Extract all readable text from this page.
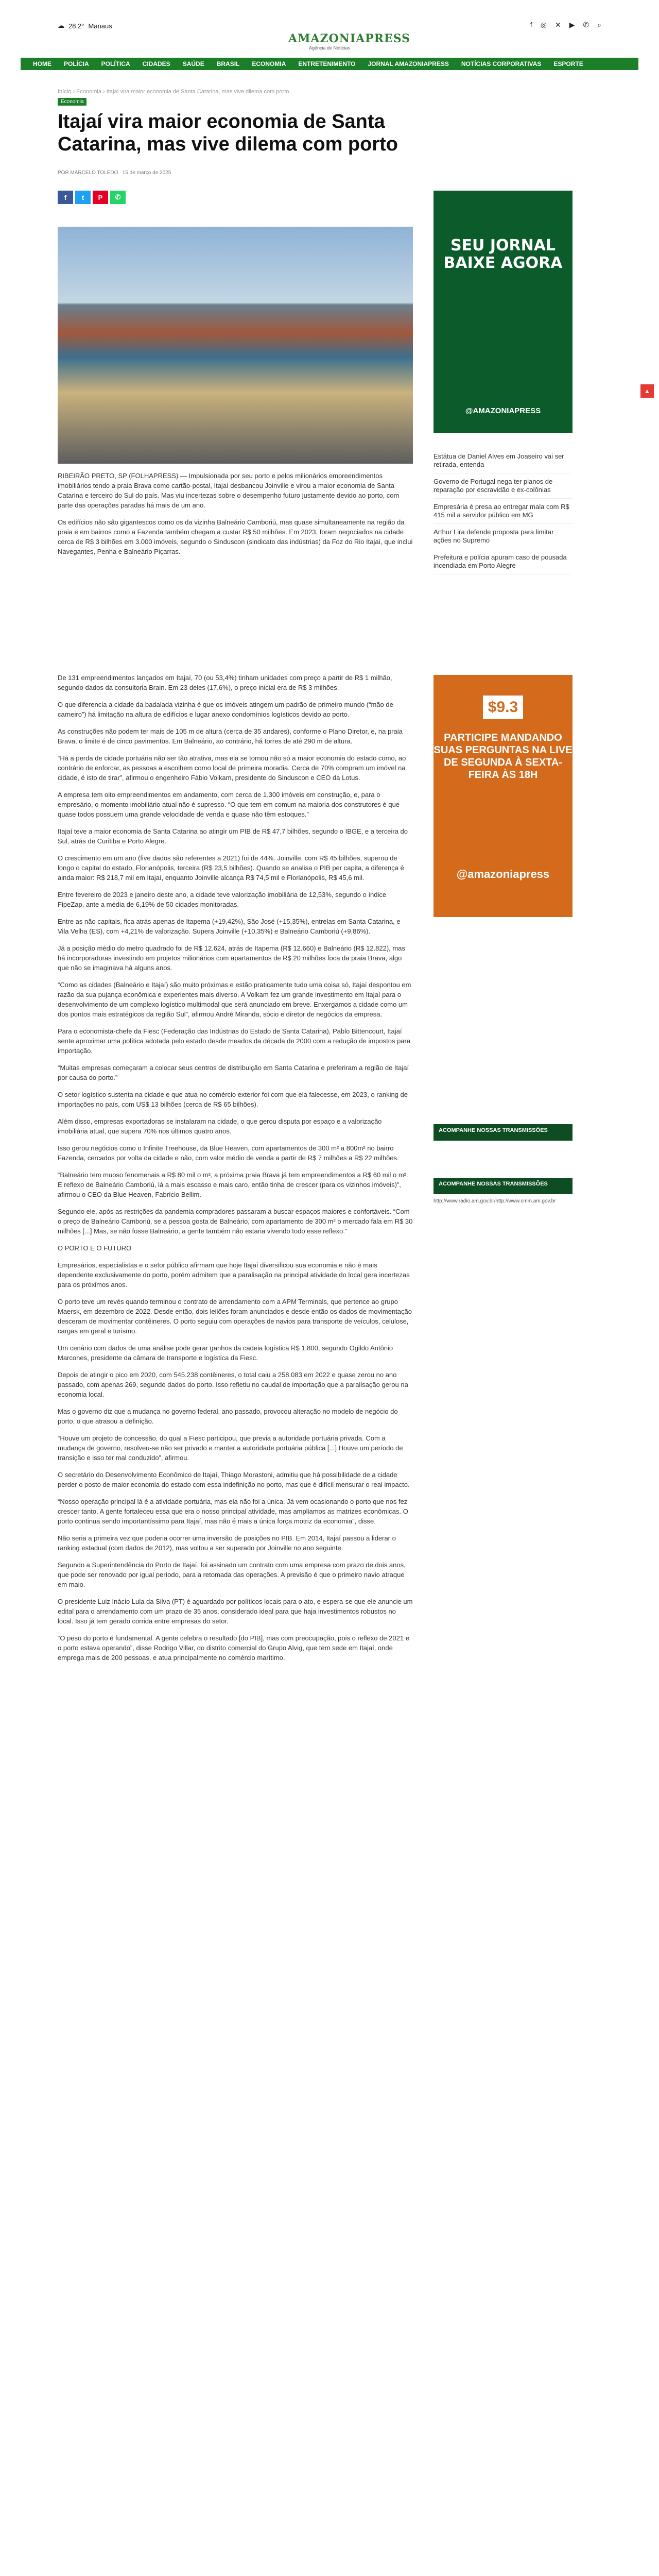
☁ 28,2° Manaus
AMAZONIAPRESS
Agência de Notícias
f ◎ ✕ ▶ ✆ ⌕
HOME	POLÍCIA	POLÍTICA	CIDADES	SAÚDE	BRASIL	ECONOMIA	ENTRETENIMENTO	JORNAL AMAZONIAPRESS	NOTÍCIAS CORPORATIVAS	ESPORTE
Início › Economia › Itajaí vira maior economia de Santa Catarina, mas vive dilema com porto
Economia
Itajaí vira maior economia de Santa Catarina, mas vive dilema com porto
POR MARCELO TOLEDO 15 de março de 2025
f	t	P	✆

RIBEIRÃO PRETO, SP (FOLHAPRESS) — Impulsionada por seu porto e pelos milionários empreendimentos imobiliários tendo a praia Brava como cartão-postal, Itajaí desbancou Joinville e virou a maior economia de Santa Catarina e terceiro do Sul do país. Mas viu incertezas sobre o desempenho futuro justamente devido ao porto, com parte das operações paradas há mais de um ano.

Os edifícios não são gigantescos como os da vizinha Balneário Camboriú, mas quase simultaneamente na região da praia e em bairros como a Fazenda também chegam a custar R$ 50 milhões. Em 2023, foram negociados na cidade cerca de R$ 3 bilhões em 3.000 imóveis, segundo o Sinduscon (sindicato das indústrias) da Foz do Rio Itajaí, que inclui Navegantes, Penha e Balneário Piçarras.

De 131 empreendimentos lançados em Itajaí, 70 (ou 53,4%) tinham unidades com preço a partir de R$ 1 milhão, segundo dados da consultoria Brain. Em 23 deles (17,6%), o preço inicial era de R$ 3 milhões.

O que diferencia a cidade da badalada vizinha é que os imóveis atingem um padrão de primeiro mundo (“mão de carneiro”) há limitação na altura de edifícios e lugar anexo condomínios logísticos devido ao porto.

As construções não podem ter mais de 105 m de altura (cerca de 35 andares), conforme o Plano Diretor, e, na praia Brava, o limite é de cinco pavimentos. Em Balneário, ao contrário, há torres de até 290 m de altura.

“Há a perda de cidade portuária não ser tão atrativa, mas ela se tornou não só a maior economia do estado como, ao contrário de enforcar, as pessoas a escolhem como local de primeira moradia. Cerca de 70% compram um imóvel na cidade, é isto de tirar”, afirmou o engenheiro Fábio Volkam, presidente do Sinduscon e CEO da Lotus.

A empresa tem oito empreendimentos em andamento, com cerca de 1.300 imóveis em construção, e, para o empresário, o momento imobiliário atual não é supresso. “O que tem em comum na maioria dos construtores é que quase todos possuem uma grande velocidade de venda e quase não têm estoques.”

Itajaí teve a maior economia de Santa Catarina ao atingir um PIB de R$ 47,7 bilhões, segundo o IBGE, e a terceira do Sul, atrás de Curitiba e Porto Alegre.

O crescimento em um ano (five dados são referentes a 2021) foi de 44%. Joinville, com R$ 45 bilhões, superou de longo o capital do estado, Florianópolis, terceira (R$ 23,5 bilhões). Quando se analisa o PIB per capita, a diferença é ainda maior: R$ 218,7 mil em Itajaí, enquanto Joinville alcança R$ 74,5 mil e Florianópolis, R$ 45,6 mil.

Entre fevereiro de 2023 e janeiro deste ano, a cidade teve valorização imobiliária de 12,53%, segundo o índice FipeZap, ante a média de 6,19% de 50 cidades monitoradas.

Entre as não capitais, fica atrás apenas de Itapema (+19,42%), São José (+15,35%), entrelas em Santa Catarina, e Vila Velha (ES), com +4,21% de valorização. Supera Joinville (+10,35%) e Balneário Camboriú (+9,86%).

Já a posição médio do metro quadrado foi de R$ 12.624, atrás de Itapema (R$ 12.660) e Balneário (R$ 12.822), mas há incorporadoras investindo em projetos milionários com apartamentos de R$ 20 milhões foca da praia Brava, algo que não se imaginava há alguns anos.

“Como as cidades (Balneário e Itajaí) são muito próximas e estão praticamente tudo uma coisa só, Itajaí despontou em razão da sua pujança econômica e experientes mais diverso. A Volkam fez um grande investimento em Itajaí para o desenvolvimento de um complexo logístico multimodal que será anunciado em breve. Enxergamos a cidade como um dos pontos mais estratégicos da região Sul”, afirmou André Miranda, sócio e diretor de negócios da empresa.

Para o economista-chefe da Fiesc (Federação das Indústrias do Estado de Santa Catarina), Pablo Bittencourt, Itajaí sente aproximar uma política adotada pelo estado desde meados da década de 2000 com a redução de impostos para importação.

“Muitas empresas começaram a colocar seus centros de distribuição em Santa Catarina e preferiram a região de Itajaí por causa do porto.”

O setor logístico sustenta na cidade e que atua no comércio exterior foi com que ela falecesse, em 2023, o ranking de importações no país, com US$ 13 bilhões (cerca de R$ 65 bilhões).

Além disso, empresas exportadoras se instalaram na cidade, o que gerou disputa por espaço e a valorização imobiliária atual, que supera 70% nos últimos quatro anos.

Isso gerou negócios como o Infinite Treehouse, da Blue Heaven, com apartamentos de 300 m² a 800m² no bairro Fazenda, cercados por volta da cidade e não, com valor médio de venda a partir de R$ 7 milhões a R$ 22 milhões.

“Balneário tem muoso fenomenais a R$ 80 mil o m², a próxima praia Brava já tem empreendimentos a R$ 60 mil o m². E reflexo de Balneário Camboriú, lá a mais escasso e mais caro, então tinha de crescer (para os vizinhos imóveis)”, afirmou o CEO da Blue Heaven, Fabrício Bellim.

Segundo ele, após as restrições da pandemia compradores passaram a buscar espaços maiores e confortáveis. “Com o preço de Balneário Camboriú, se a pessoa gosta de Balneário, com apartamento de 300 m² o mercado fala em R$ 30 milhões [...] Mas, se não fosse Balneário, a gente também não estaria vivendo todo esse reflexo.”

O PORTO E O FUTURO

Empresários, especialistas e o setor público afirmam que hoje Itajaí diversificou sua economia e não é mais dependente exclusivamente do porto, porém admitem que a paralisação na principal atividade do local gera incertezas para os próximos anos.

O porto teve um revés quando terminou o contrato de arrendamento com a APM Terminals, que pertence ao grupo Maersk, em dezembro de 2022. Desde então, dois leilões foram anunciados e desde então os dados de movimentação desceram de movimentar contêineres. O porto seguiu com operações de navios para transporte de veículos, celulose, cargas em geral e turismo.

Um cenário com dados de uma análise pode gerar ganhos da cadeia logística R$ 1.800, segundo Ogildo Antônio Marcones, presidente da câmara de transporte e logística da Fiesc.

Depois de atingir o pico em 2020, com 545.238 contêineres, o total caiu a 258.083 em 2022 e quase zerou no ano passado, com apenas 269, segundo dados do porto. Isso refletiu no caudal de importação que a paralisação gerou na economia local.

Mas o governo diz que a mudança no governo federal, ano passado, provocou alteração no modelo de negócio do porto, o que atrasou a definição.

“Houve um projeto de concessão, do qual a Fiesc participou, que previa a autoridade portuária privada. Com a mudança de governo, resolveu-se não ser privado e manter a autoridade portuária pública [...] Houve um período de transição e isso ter mal conduzido”, afirmou.

O secretário do Desenvolvimento Econômico de Itajaí, Thiago Morastoni, admitiu que há possibilidade de a cidade perder o posto de maior economia do estado com essa indefinição no porto, mas que é difícil mensurar o real impacto.

“Nosso operação principal lá é a atividade portuária, mas ela não foi a única. Já vem ocasionando o porto que nos fez crescer tanto. A gente fortaleceu essa que era o nosso principal atividade, mas ampliamos as matrizes econômicas. O porto continua sendo importantíssimo para Itajaí, mas não é mais a única força motriz da economia”, disse.

Não seria a primeira vez que poderia ocorrer uma inversão de posições no PIB. Em 2014, Itajaí passou a liderar o ranking estadual (com dados de 2012), mas voltou a ser superado por Joinville no ano seguinte.

Segundo a Superintendência do Porto de Itajaí, foi assinado um contrato com uma empresa com prazo de dois anos, que pode ser renovado por igual período, para a retomada das operações. A previsão é que o primeiro navio atraque em maio.

O presidente Luiz Inácio Lula da Silva (PT) é aguardado por políticos locais para o ato, e espera-se que ele anuncie um edital para o arrendamento com um prazo de 35 anos, considerado ideal para que haja investimentos robustos no local. Isso já tem gerado corrida entre empresas do setor.

“O peso do porto é fundamental. A gente celebra o resultado [do PIB], mas com preocupação, pois o reflexo de 2021 e o porto estava operando”, disse Rodrigo Villar, do distrito comercial do Grupo Alvig, que tem sede em Itajaí, onde emprega mais de 200 pessoas, e atua principalmente no comércio marítimo.

SEU JORNAL BAIXE AGORA
@AMAZONIAPRESS
Estátua de Daniel Alves em Joaseiro vai ser retirada, entenda
Governo de Portugal nega ter planos de reparação por escravidão e ex-colônias
Empresária é presa ao entregar mala com R$ 415 mil a servidor público em MG
Arthur Lira defende proposta para limitar ações no Supremo
Prefeitura e polícia apuram caso de pousada incendiada em Porto Alegre
$9.3
PARTICIPE MANDANDO SUAS PERGUNTAS NA LIVE DE SEGUNDA À SEXTA-FEIRA ÀS 18H
@amazoniapress
ACOMPANHE NOSSAS TRANSMISSÕES
ACOMPANHE NOSSAS TRANSMISSÕES
http://www.radio.am.gov.br/http://www.cmm.am.gov.br

▲
